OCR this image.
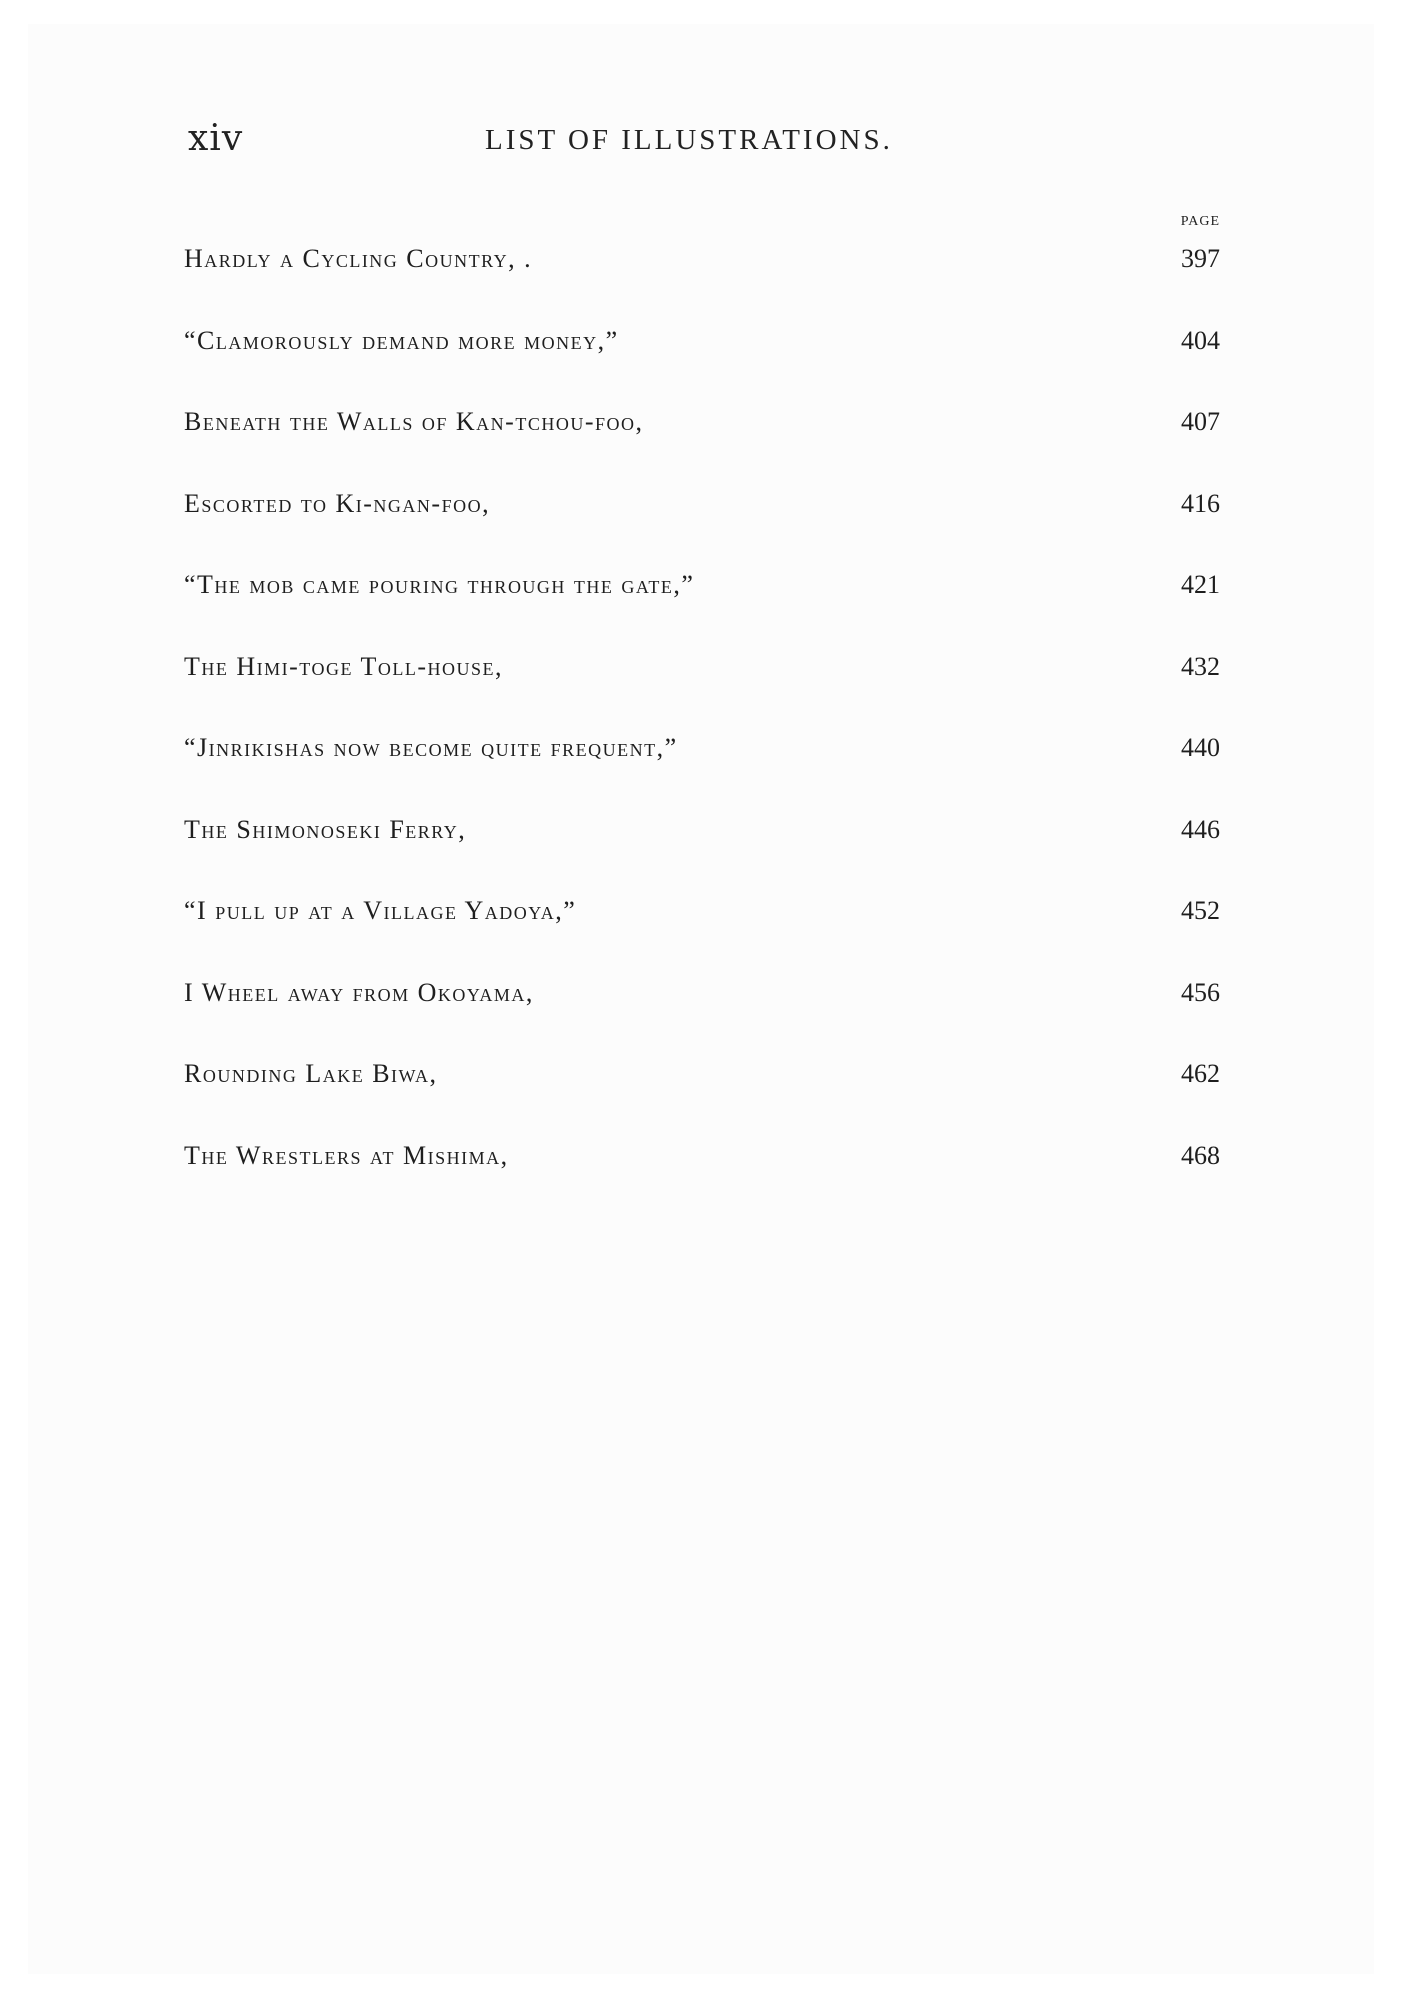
xiv	LIST OF ILLUSTRATIONS.
PAGE
Hardly a Cycling Country, .	397
“Clamorously demand more money,”	404
Beneath the Walls of Kan-tchou-foo,	407
Escorted to Ki-ngan-foo,	416
“The mob came pouring through the gate,”	421
The Himi-toge Toll-house,	432
“Jinrikishas now become quite frequent,”	440
The Shimonoseki Ferry,	446
“I pull up at a Village Yadoya,”	452
I Wheel away from Okoyama,	456
Rounding Lake Biwa,	462
The Wrestlers at Mishima,	468
